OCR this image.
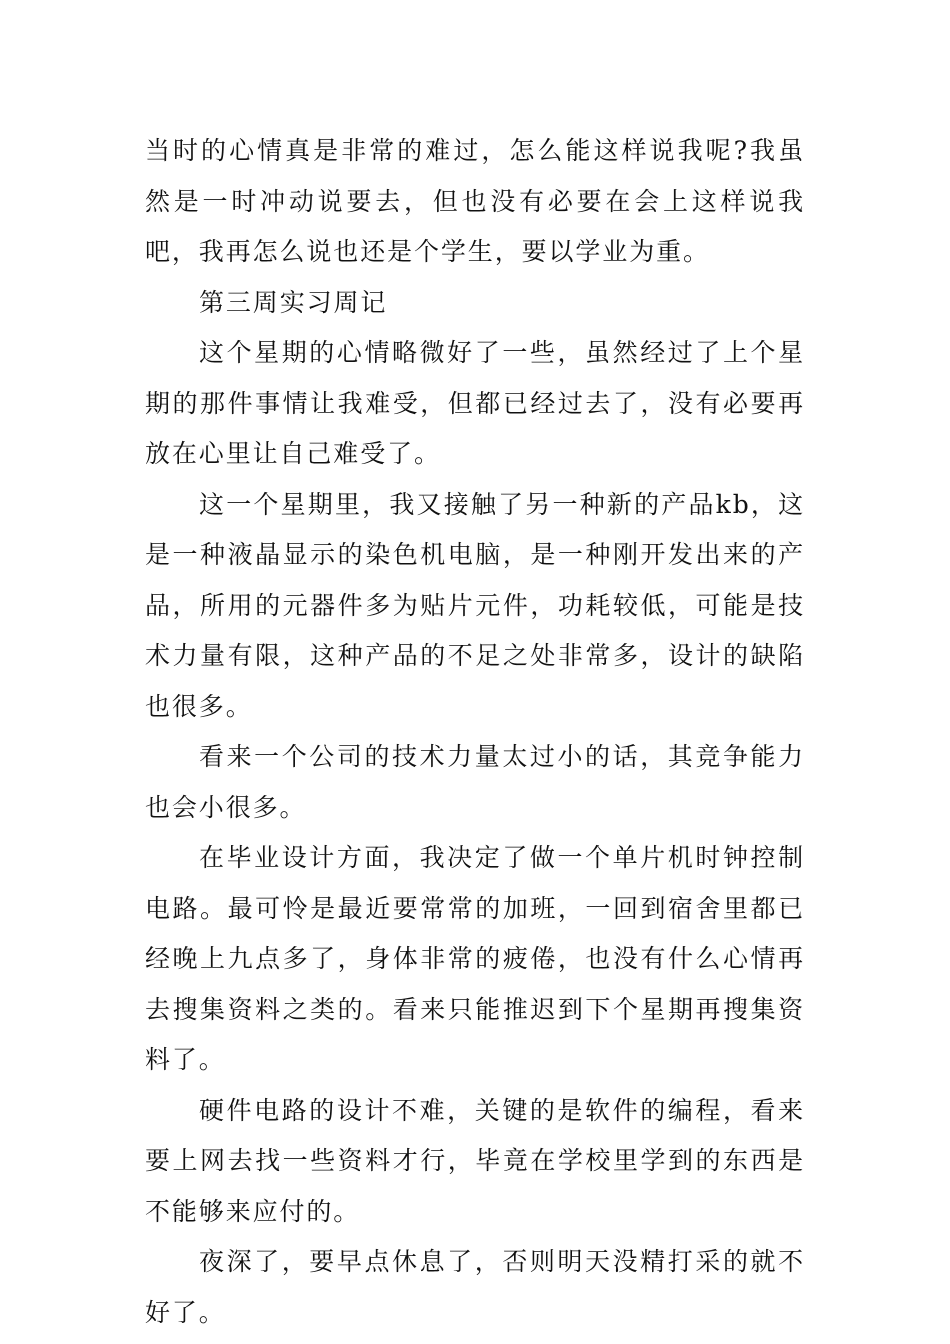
当时的心情真是非常的难过，怎么能这样说我呢?我虽然是一时冲动说要去，但也没有必要在会上这样说我吧，我再怎么说也还是个学生，要以学业为重。

第三周实习周记

这个星期的心情略微好了一些，虽然经过了上个星期的那件事情让我难受，但都已经过去了，没有必要再放在心里让自己难受了。

这一个星期里，我又接触了另一种新的产品kb，这是一种液晶显示的染色机电脑，是一种刚开发出来的产品，所用的元器件多为贴片元件，功耗较低，可能是技术力量有限，这种产品的不足之处非常多，设计的缺陷也很多。

看来一个公司的技术力量太过小的话，其竞争能力也会小很多。

在毕业设计方面，我决定了做一个单片机时钟控制电路。最可怜是最近要常常的加班，一回到宿舍里都已经晚上九点多了，身体非常的疲倦，也没有什么心情再去搜集资料之类的。看来只能推迟到下个星期再搜集资料了。

硬件电路的设计不难，关键的是软件的编程，看来要上网去找一些资料才行，毕竟在学校里学到的东西是不能够来应付的。

夜深了，要早点休息了，否则明天没精打采的就不好了。
